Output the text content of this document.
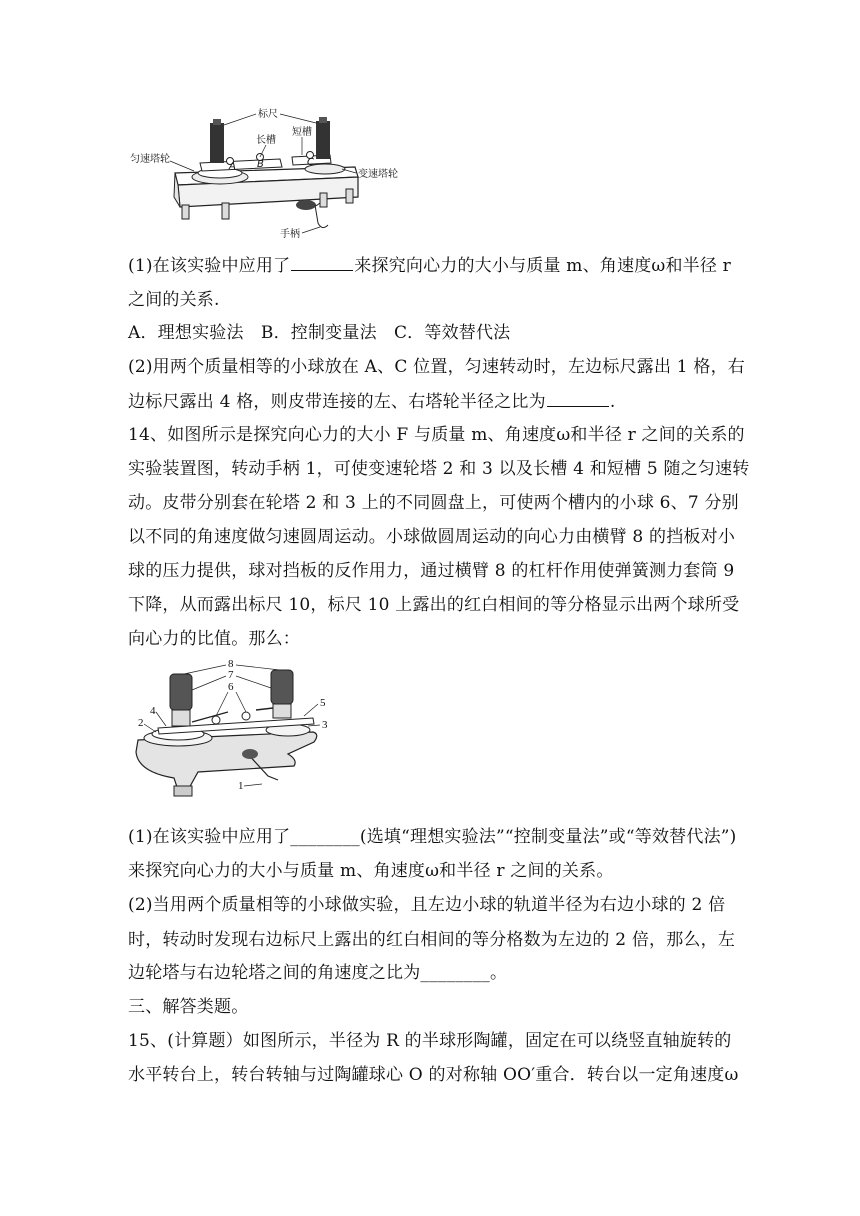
A B	C
标尺
长槽
短槽
匀速塔轮
变速塔轮
手柄
(1)在该实验中应用了	来探究向心力的大小与质量 m、角速度ω和半径 r
之间的关系.
A．理想实验法　B．控制变量法　C．等效替代法
(2)用两个质量相等的小球放在 A、C 位置，匀速转动时，左边标尺露出 1 格，右
边标尺露出 4 格，则皮带连接的左、右塔轮半径之比为	.
14、如图所示是探究向心力的大小 F 与质量 m、角速度ω和半径 r 之间的关系的
实验装置图，转动手柄 1，可使变速轮塔 2 和 3 以及长槽 4 和短槽 5 随之匀速转
动。皮带分别套在轮塔 2 和 3 上的不同圆盘上，可使两个槽内的小球 6、7 分别
以不同的角速度做匀速圆周运动。小球做圆周运动的向心力由横臂 8 的挡板对小
球的压力提供，球对挡板的反作用力，通过横臂 8 的杠杆作用使弹簧测力套筒 9
下降，从而露出标尺 10，标尺 10 上露出的红白相间的等分格显示出两个球所受
向心力的比值。那么：
1
2	3
4
5
6
7
8
(1)在该实验中应用了________(选填“理想实验法”“控制变量法”或“等效替代法”)
来探究向心力的大小与质量 m、角速度ω和半径 r 之间的关系。
(2)当用两个质量相等的小球做实验，且左边小球的轨道半径为右边小球的 2 倍
时，转动时发现右边标尺上露出的红白相间的等分格数为左边的 2 倍，那么，左
边轮塔与右边轮塔之间的角速度之比为________。
三、解答类题。
15、(计算题）如图所示，半径为 R 的半球形陶罐，固定在可以绕竖直轴旋转的
水平转台上，转台转轴与过陶罐球心 O 的对称轴 OO′重合．转台以一定角速度ω
